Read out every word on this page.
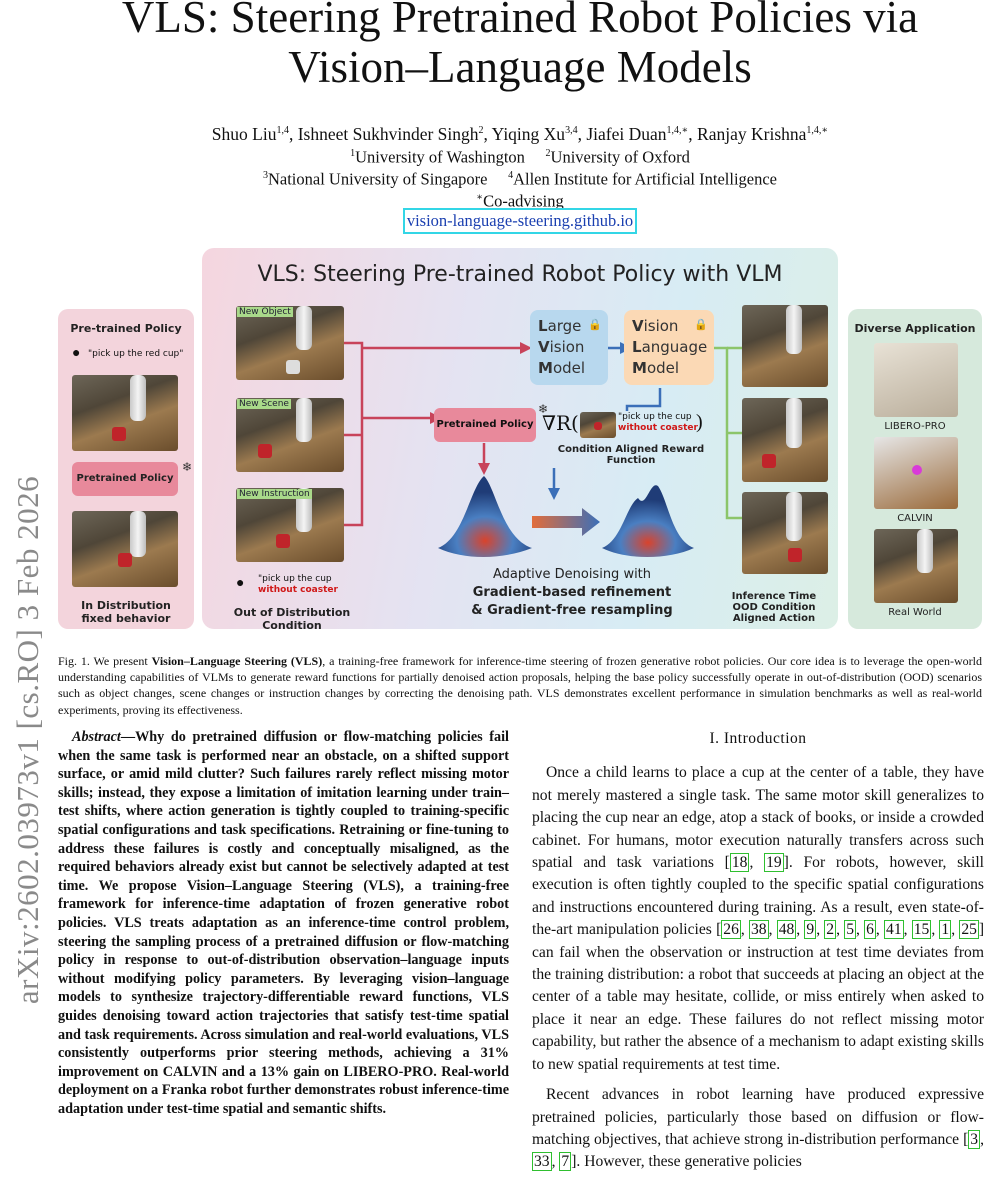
arXiv:2602.03973v1 [cs.RO] 3 Feb 2026
VLS: Steering Pretrained Robot Policies via
Vision–Language Models
Shuo Liu$^{1,4}$, Ishneet Sukhvinder Singh$^2$, Yiqing Xu$^{3,4}$, Jiafei Duan$^{1,4,∗}$, Ranjay Krishna$^{1,4,∗}$
$^1$University of Washington $^2$University of Oxford
$^3$National University of Singapore $^4$Allen Institute for Artificial Intelligence
∗Co-advising
vision-language-steering.github.io
Pre-trained Policy
● "pick up the red cup"
Pretrained Policy
❄
In Distribution
fixed behavior
VLS: Steering Pre-trained Robot Policy with VLM
New Object
New Scene
New Instruction
● "pick up the cup
without coaster
Out of Distribution Condition
Pretrained Policy
❄
Large
Vision
Model
🔒 Vision
Language
Model
🔒
∇R(	"pick up the cup
without coaster
)
Condition Aligned Reward Function
Adaptive Denoising with
Gradient-based refinement
& Gradient-free resampling
Inference Time
OOD Condition Aligned Action
Diverse Application
LIBERO-PRO
CALVIN
Real World
Fig. 1. We present Vision–Language Steering (VLS), a training-free framework for inference-time steering of frozen generative robot policies. Our core idea is to leverage the open-world understanding capabilities of VLMs to generate reward functions for partially denoised action proposals, helping the base policy successfully operate in out-of-distribution (OOD) scenarios such as object changes, scene changes or instruction changes by correcting the denoising path. VLS demonstrates excellent performance in simulation benchmarks as well as real-world experiments, proving its effectiveness.
Abstract—Why do pretrained diffusion or flow-matching policies fail when the same task is performed near an obstacle, on a shifted support surface, or amid mild clutter? Such failures rarely reflect missing motor skills; instead, they expose a limitation of imitation learning under train–test shifts, where action generation is tightly coupled to training-specific spatial configurations and task specifications. Retraining or fine-tuning to address these failures is costly and conceptually misaligned, as the required behaviors already exist but cannot be selectively adapted at test time. We propose Vision–Language Steering (VLS), a training-free framework for inference-time adaptation of frozen generative robot policies. VLS treats adaptation as an inference-time control problem, steering the sampling process of a pretrained diffusion or flow-matching policy in response to out-of-distribution observation–language inputs without modifying policy parameters. By leveraging vision–language models to synthesize trajectory-differentiable reward functions, VLS guides denoising toward action trajectories that satisfy test-time spatial and task requirements. Across simulation and real-world evaluations, VLS consistently outperforms prior steering methods, achieving a 31% improvement on CALVIN and a 13% gain on LIBERO-PRO. Real-world deployment on a Franka robot further demonstrates robust inference-time adaptation under test-time spatial and semantic shifts.
I. Introduction

Once a child learns to place a cup at the center of a table, they have not merely mastered a single task. The same motor skill generalizes to placing the cup near an edge, atop a stack of books, or inside a crowded cabinet. For humans, motor execution naturally transfers across such spatial and task variations [ 18 , 19 ]. For robots, however, skill execution is often tightly coupled to the specific spatial configurations and instructions encountered during training. As a result, even state-of-the-art manipulation policies [ 26 , 38 , 48 , 9 , 2 , 5 , 6 , 41 , 15 , 1 , 25 ] can fail when the observation or instruction at test time deviates from the training distribution: a robot that succeeds at placing an object at the center of a table may hesitate, collide, or miss entirely when asked to place it near an edge. These failures do not reflect missing motor capability, but rather the absence of a mechanism to adapt existing skills to new spatial requirements at test time.

Recent advances in robot learning have produced expressive pretrained policies, particularly those based on diffusion or flow-matching objectives, that achieve strong in-distribution performance [ 3 , 33 , 7 ]. However, these generative policies
